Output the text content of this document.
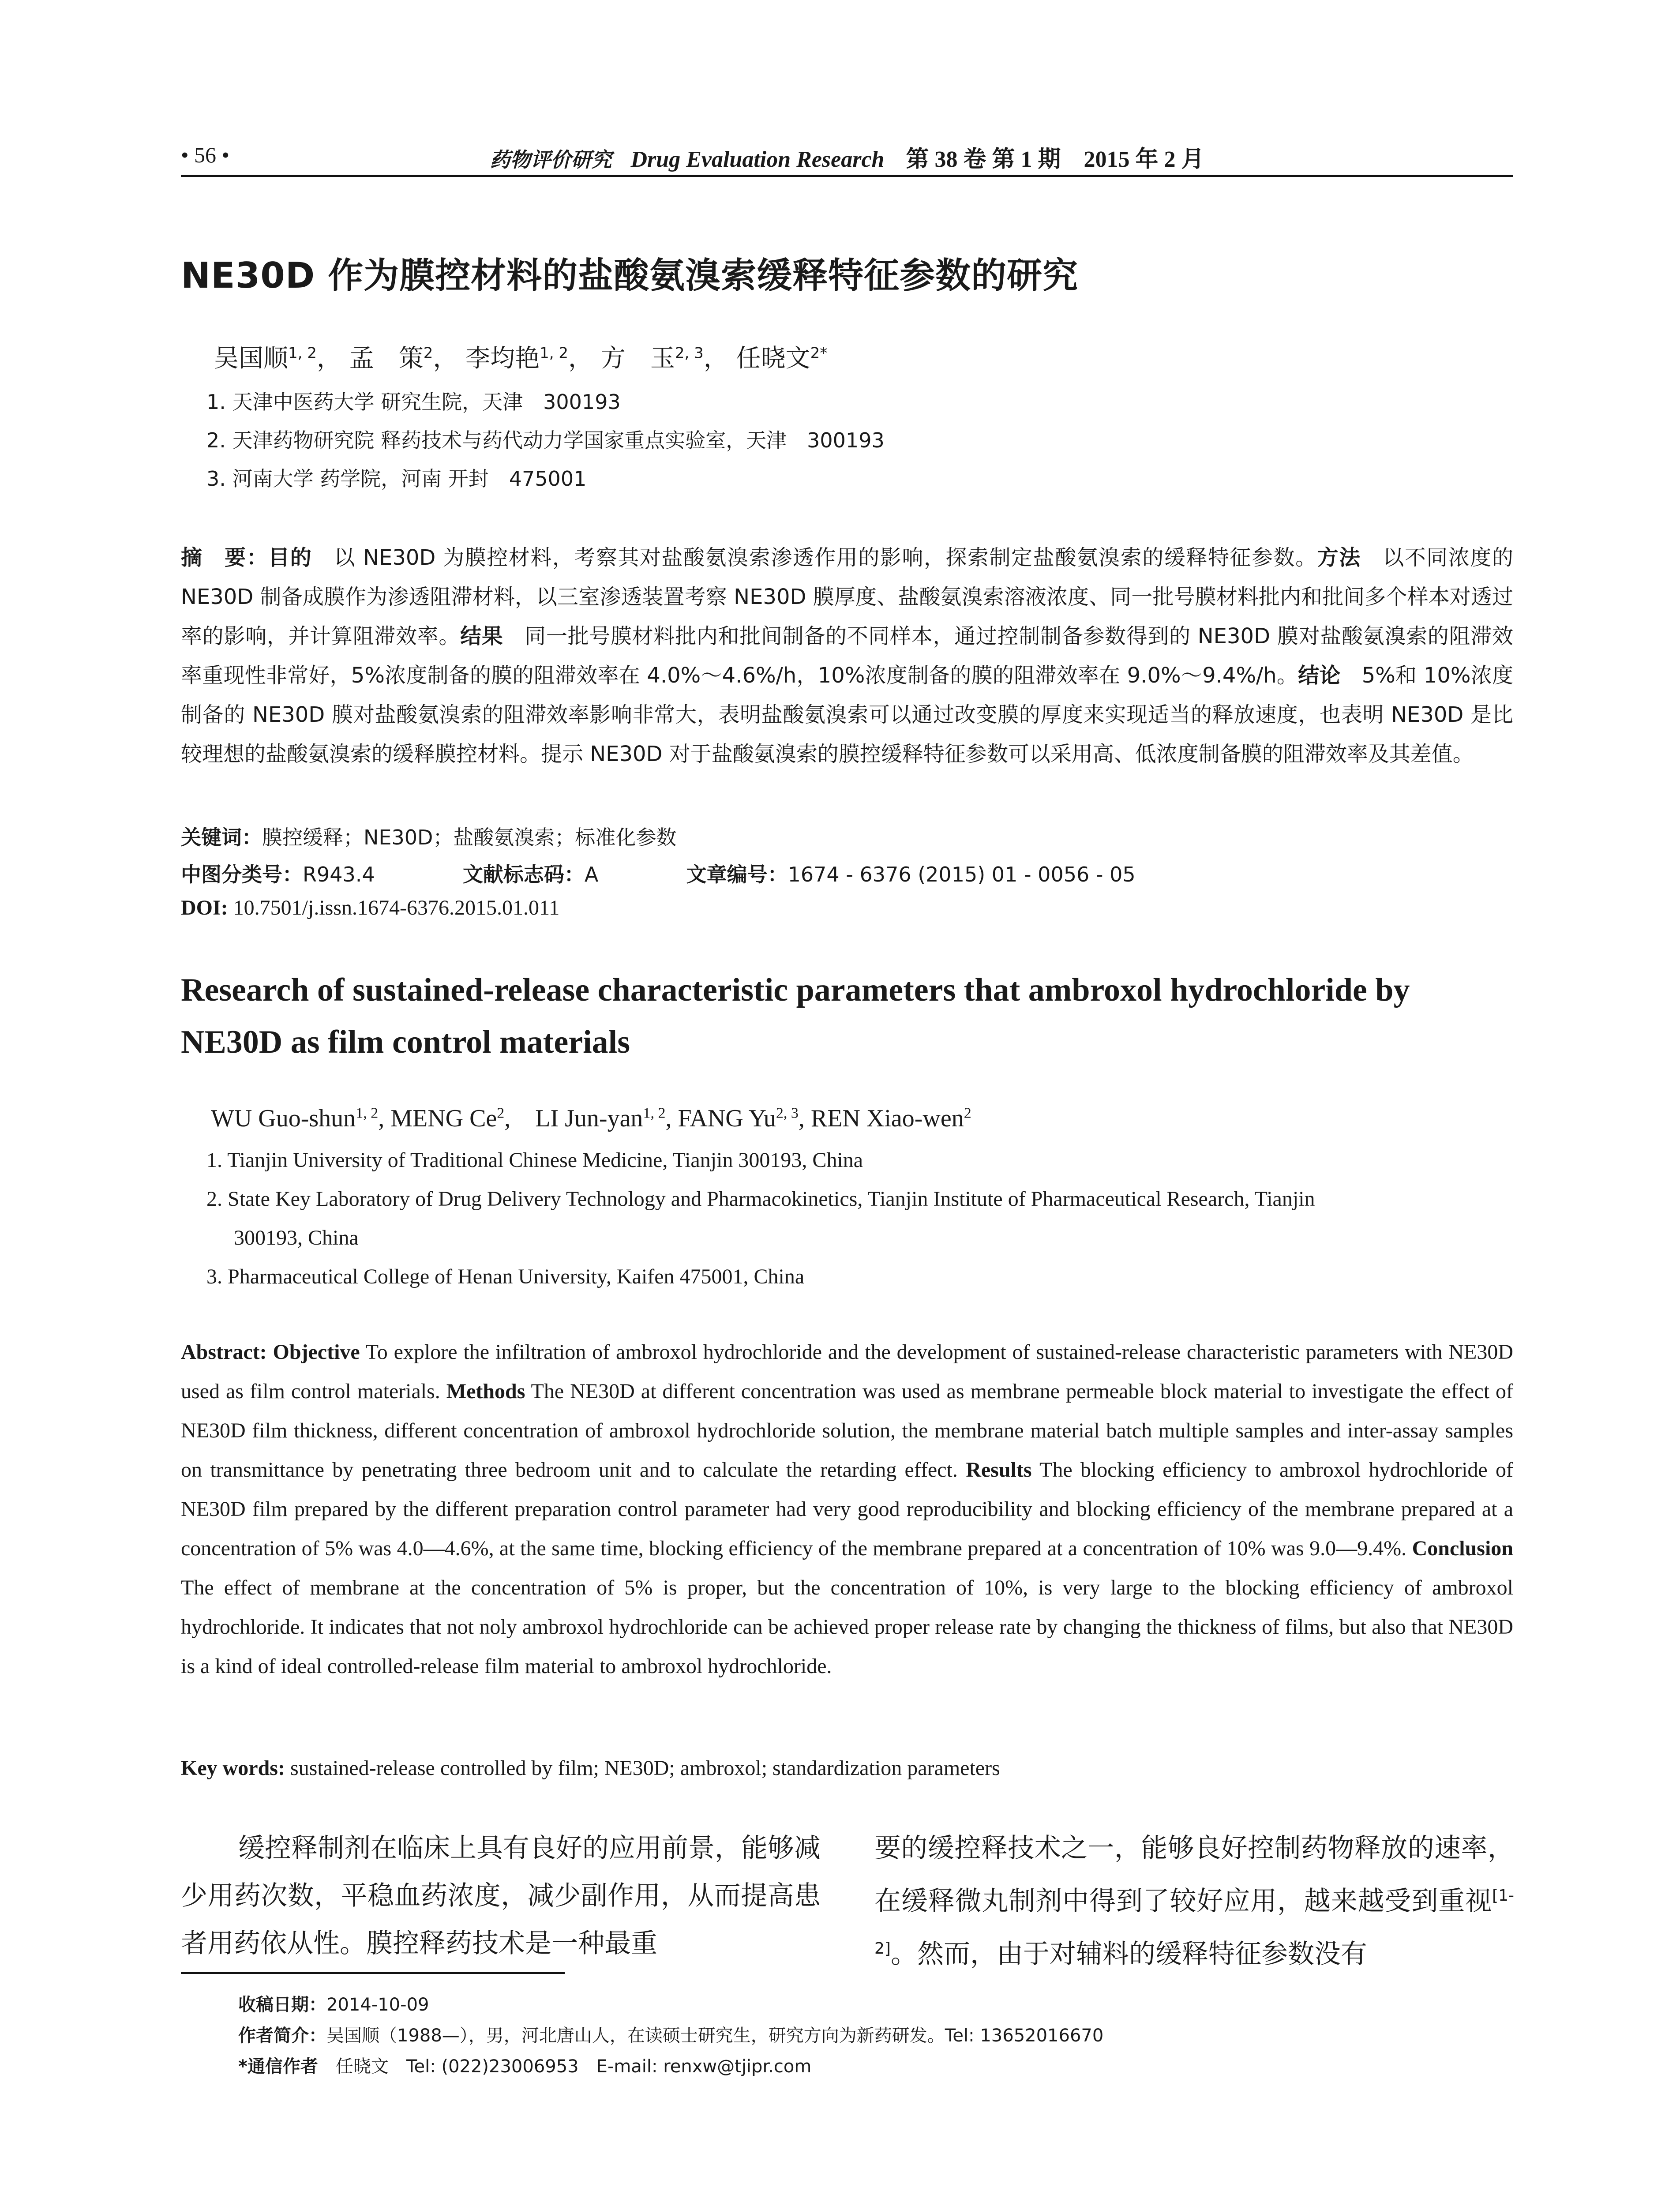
• 56 •	药物评价研究 Drug Evaluation Research 第 38 卷 第 1 期　2015 年 2 月
NE30D 作为膜控材料的盐酸氨溴索缓释特征参数的研究
吴国顺$^{1, 2}$， 孟　策$^2$， 李均艳$^{1, 2}$， 方　玉$^{2, 3}$， 任晓文$^{2*}$
1. 天津中医药大学 研究生院，天津　300193
2. 天津药物研究院 释药技术与药代动力学国家重点实验室，天津　300193
3. 河南大学 药学院，河南 开封　475001
摘　要：目的　以 NE30D 为膜控材料，考察其对盐酸氨溴索渗透作用的影响，探索制定盐酸氨溴索的缓释特征参数。方法　以不同浓度的 NE30D 制备成膜作为渗透阻滞材料，以三室渗透装置考察 NE30D 膜厚度、盐酸氨溴索溶液浓度、同一批号膜材料批内和批间多个样本对透过率的影响，并计算阻滞效率。结果　同一批号膜材料批内和批间制备的不同样本，通过控制制备参数得到的 NE30D 膜对盐酸氨溴索的阻滞效率重现性非常好，5%浓度制备的膜的阻滞效率在 4.0%～4.6%/h，10%浓度制备的膜的阻滞效率在 9.0%～9.4%/h。结论　5%和 10%浓度制备的 NE30D 膜对盐酸氨溴索的阻滞效率影响非常大，表明盐酸氨溴索可以通过改变膜的厚度来实现适当的释放速度，也表明 NE30D 是比较理想的盐酸氨溴索的缓释膜控材料。提示 NE30D 对于盐酸氨溴索的膜控缓释特征参数可以采用高、低浓度制备膜的阻滞效率及其差值。
关键词：膜控缓释；NE30D；盐酸氨溴索；标准化参数
中图分类号：R943.4	文献标志码：A	文章编号：1674 - 6376 (2015) 01 - 0056 - 05
DOI: 10.7501/j.issn.1674-6376.2015.01.011
Research of sustained-release characteristic parameters that ambroxol hydrochloride by NE30D as film control materials
WU Guo-shun$^{1, 2}$, MENG Ce$^2$,　LI Jun-yan$^{1, 2}$, FANG Yu$^{2, 3}$, REN Xiao-wen$^2$
1. Tianjin University of Traditional Chinese Medicine, Tianjin 300193, China
2. State Key Laboratory of Drug Delivery Technology and Pharmacokinetics, Tianjin Institute of Pharmaceutical Research, Tianjin
300193, China
3. Pharmaceutical College of Henan University, Kaifen 475001, China
Abstract: Objective To explore the infiltration of ambroxol hydrochloride and the development of sustained-release characteristic parameters with NE30D used as film control materials. Methods The NE30D at different concentration was used as membrane permeable block material to investigate the effect of NE30D film thickness, different concentration of ambroxol hydrochloride solution, the membrane material batch multiple samples and inter-assay samples on transmittance by penetrating three bedroom unit and to calculate the retarding effect. Results The blocking efficiency to ambroxol hydrochloride of NE30D film prepared by the different preparation control parameter had very good reproducibility and blocking efficiency of the membrane prepared at a concentration of 5% was 4.0—4.6%, at the same time, blocking efficiency of the membrane prepared at a concentration of 10% was 9.0—9.4%. Conclusion The effect of membrane at the concentration of 5% is proper, but the concentration of 10%, is very large to the blocking efficiency of ambroxol hydrochloride. It indicates that not noly ambroxol hydrochloride can be achieved proper release rate by changing the thickness of films, but also that NE30D is a kind of ideal controlled-release film material to ambroxol hydrochloride.
Key words: sustained-release controlled by film; NE30D; ambroxol; standardization parameters
缓控释制剂在临床上具有良好的应用前景，能够减少用药次数，平稳血药浓度，减少副作用，从而提高患者用药依从性。膜控释药技术是一种最重
要的缓控释技术之一，能够良好控制药物释放的速率，在缓释微丸制剂中得到了较好应用，越来越受到重视[1-2]。然而，由于对辅料的缓释特征参数没有
收稿日期：2014-10-09
作者简介：吴国顺（1988—），男，河北唐山人，在读硕士研究生，研究方向为新药研发。Tel: 13652016670
*通信作者　任晓文　Tel: (022)23006953　E-mail: renxw@tjipr.com
